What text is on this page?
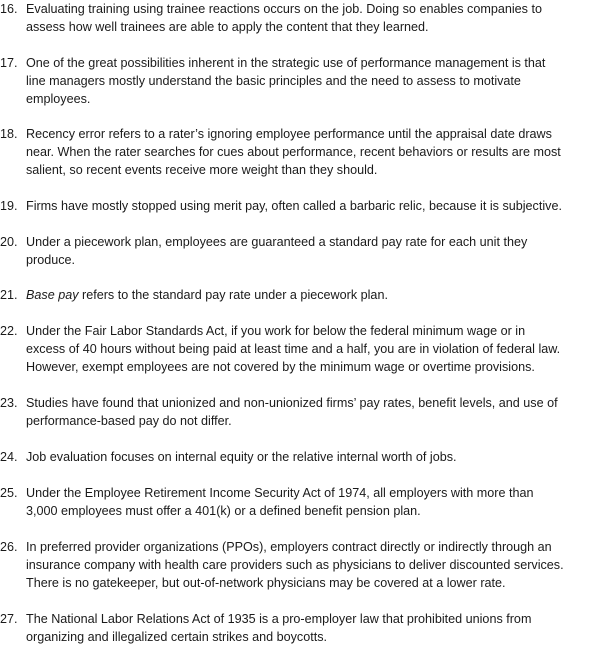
16. Evaluating training using trainee reactions occurs on the job. Doing so enables companies to
assess how well trainees are able to apply the content that they learned.
17. One of the great possibilities inherent in the strategic use of performance management is that
line managers mostly understand the basic principles and the need to assess to motivate
employees.
18. Recency error refers to a rater’s ignoring employee performance until the appraisal date draws
near. When the rater searches for cues about performance, recent behaviors or results are most
salient, so recent events receive more weight than they should.
19. Firms have mostly stopped using merit pay, often called a barbaric relic, because it is subjective.
20. Under a piecework plan, employees are guaranteed a standard pay rate for each unit they
produce.
21. Base pay refers to the standard pay rate under a piecework plan.
22. Under the Fair Labor Standards Act, if you work for below the federal minimum wage or in
excess of 40 hours without being paid at least time and a half, you are in violation of federal law.
However, exempt employees are not covered by the minimum wage or overtime provisions.
23. Studies have found that unionized and non-unionized firms’ pay rates, benefit levels, and use of
performance-based pay do not differ.
24. Job evaluation focuses on internal equity or the relative internal worth of jobs.
25. Under the Employee Retirement Income Security Act of 1974, all employers with more than
3,000 employees must offer a 401(k) or a defined benefit pension plan.
26. In preferred provider organizations (PPOs), employers contract directly or indirectly through an
insurance company with health care providers such as physicians to deliver discounted services.
There is no gatekeeper, but out-of-network physicians may be covered at a lower rate.
27. The National Labor Relations Act of 1935 is a pro-employer law that prohibited unions from
organizing and illegalized certain strikes and boycotts.
